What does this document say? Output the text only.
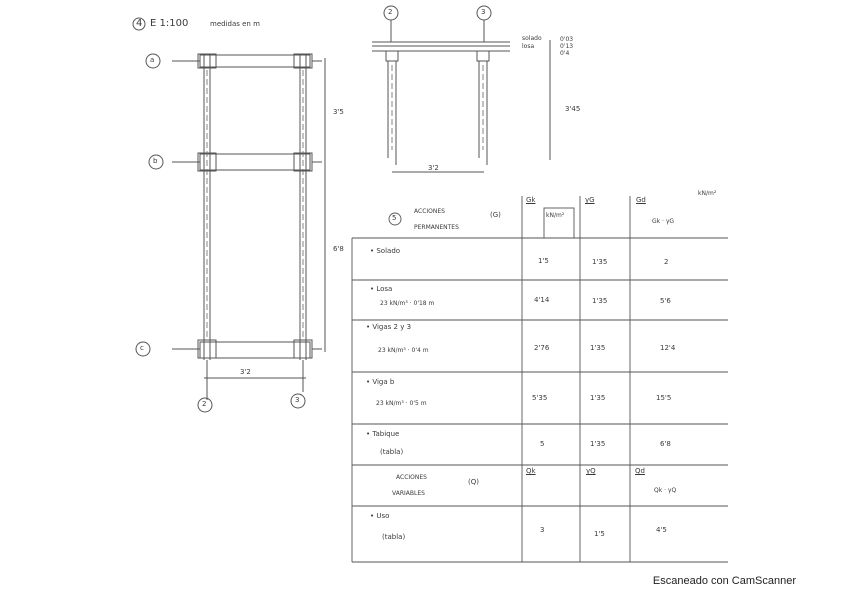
4 E 1:100	medidas en m
a
b
c
2	3
3'5
6'8
3'2
2	3
solado
losa
0'03
0'13
0'4
3'45
3'2
5
ACCIONES
PERMANENTES
(G)
Gk
kN/m²
γG	Gd
Gk · γG
kN/m²
• Solado
1'5	1'35	2
• Losa
23 kN/m³ · 0'18 m	4'14	1'35	5'6
• Vigas 2 y 3
23 kN/m³ · 0'4 m	2'76	1'35	12'4
• Viga b
23 kN/m³ · 0'5 m
5'35	1'35	15'5
• Tabique
(tabla)
5	1'35	6'8
ACCIONES
VARIABLES
(Q)
Qk	γQ	Qd
Qk · γQ
• Uso
(tabla)
3	1'5	4'5
Escaneado con CamScanner
